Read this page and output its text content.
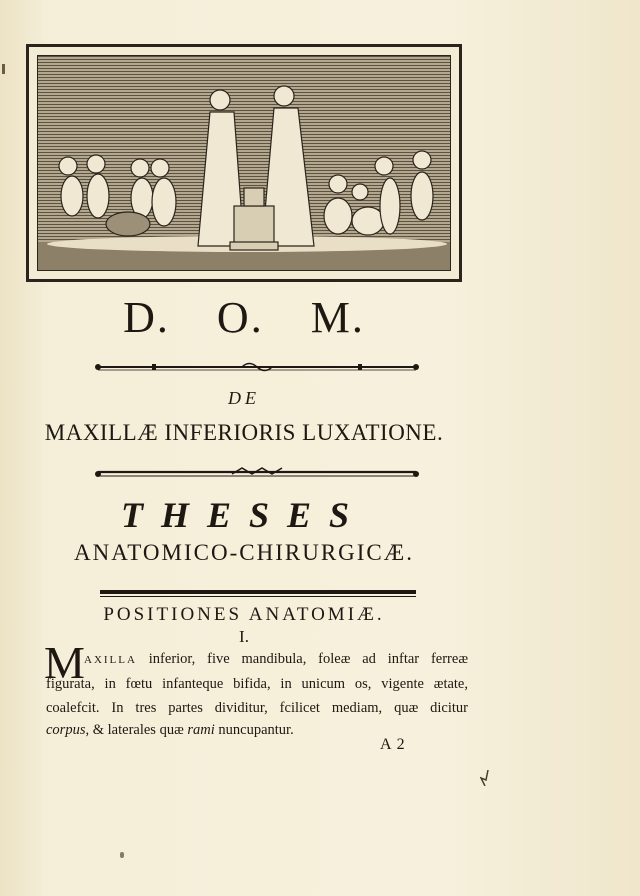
D. O. M.
DE
MAXILLÆ INFERIORIS LUXATIONE.
THESES
ANATOMICO-CHIRURGICÆ.
POSITIONES ANATOMIÆ.
I.
M AXILLA inferior, five mandibula, foleæ ad inftar ferreæ
figurata, in fœtu infanteque bifida, in unicum os, vigente ætate,
coalefcit. In tres partes dividitur, fcilicet mediam, quæ dicitur
corpus, & laterales quæ rami nuncupantur.
A 2
